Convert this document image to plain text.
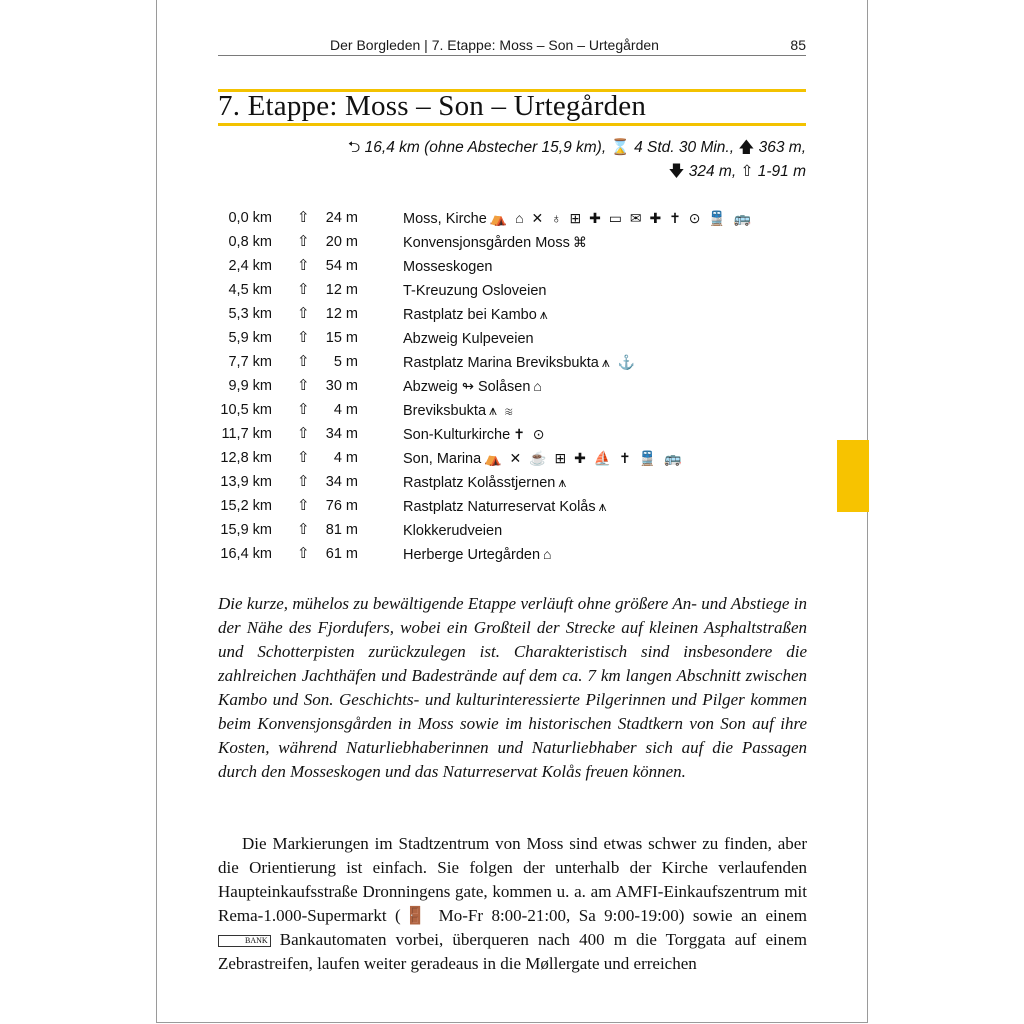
Der Borgleden | 7. Etappe: Moss – Son – Urtegården	85
7. Etappe: Moss – Son – Urtegården
⮌ 16,4 km (ohne Abstecher 15,9 km), ⌛ 4 Std. 30 Min., 🡅 363 m,
🡇 324 m, ⇧ 1-91 m
0,0 km ⇧	24 m	Moss, Kirche ⛺ ⌂ ✕ ♁ ⊞ ✚ ▭ ✉ ✚ ✝ ⊙ 🚆 🚌
0,8 km ⇧	20 m	Konvensjonsgården Moss ⌘
2,4 km ⇧	54 m	Mosseskogen
4,5 km ⇧	12 m	T-Kreuzung Osloveien
5,3 km ⇧	12 m	Rastplatz bei Kambo ⩚
5,9 km ⇧	15 m	Abzweig Kulpeveien
7,7 km ⇧	5 m	Rastplatz Marina Breviksbukta ⩚ ⚓
9,9 km ⇧	30 m	Abzweig ↬ Solåsen ⌂
10,5 km ⇧	4 m	Breviksbukta ⩚ ≋
11,7 km ⇧	34 m	Son-Kulturkirche ✝ ⊙
12,8 km ⇧	4 m	Son, Marina ⛺ ✕ ☕ ⊞ ✚ ⛵ ✝ 🚆 🚌
13,9 km ⇧	34 m	Rastplatz Kolåsstjernen ⩚
15,2 km ⇧	76 m	Rastplatz Naturreservat Kolås ⩚
15,9 km ⇧	81 m	Klokkerudveien
16,4 km ⇧	61 m	Herberge Urtegården ⌂
Die kurze, mühelos zu bewältigende Etappe verläuft ohne größere An- und Abstiege in der Nähe des Fjordufers, wobei ein Großteil der Strecke auf kleinen Asphaltstraßen und Schotterpisten zurückzulegen ist. Charakteristisch sind insbesondere die zahlreichen Jachthäfen und Badestrände auf dem ca. 7 km langen Abschnitt zwischen Kambo und Son. Geschichts- und kulturinteressierte Pilgerinnen und Pilger kommen beim Konvensjonsgården in Moss sowie im historischen Stadtkern von Son auf ihre Kosten, während Naturliebhaberinnen und Naturliebhaber sich auf die Passagen durch den Mosseskogen und das Naturreservat Kolås freuen können.

Die Markierungen im Stadtzentrum von Moss sind etwas schwer zu finden, aber die Orientierung ist einfach. Sie folgen der unterhalb der Kirche verlaufenden Haupteinkaufsstraße Dronningens gate, kommen u. a. am AMFI-Einkaufszentrum mit Rema-1.000-Supermarkt (🚪 Mo-Fr 8:00-21:00, Sa 9:00-19:00) sowie an einem BANK Bankautomaten vorbei, überqueren nach 400 m die Torggata auf einem Zebrastreifen, laufen weiter geradeaus in die Møllergate und erreichen
